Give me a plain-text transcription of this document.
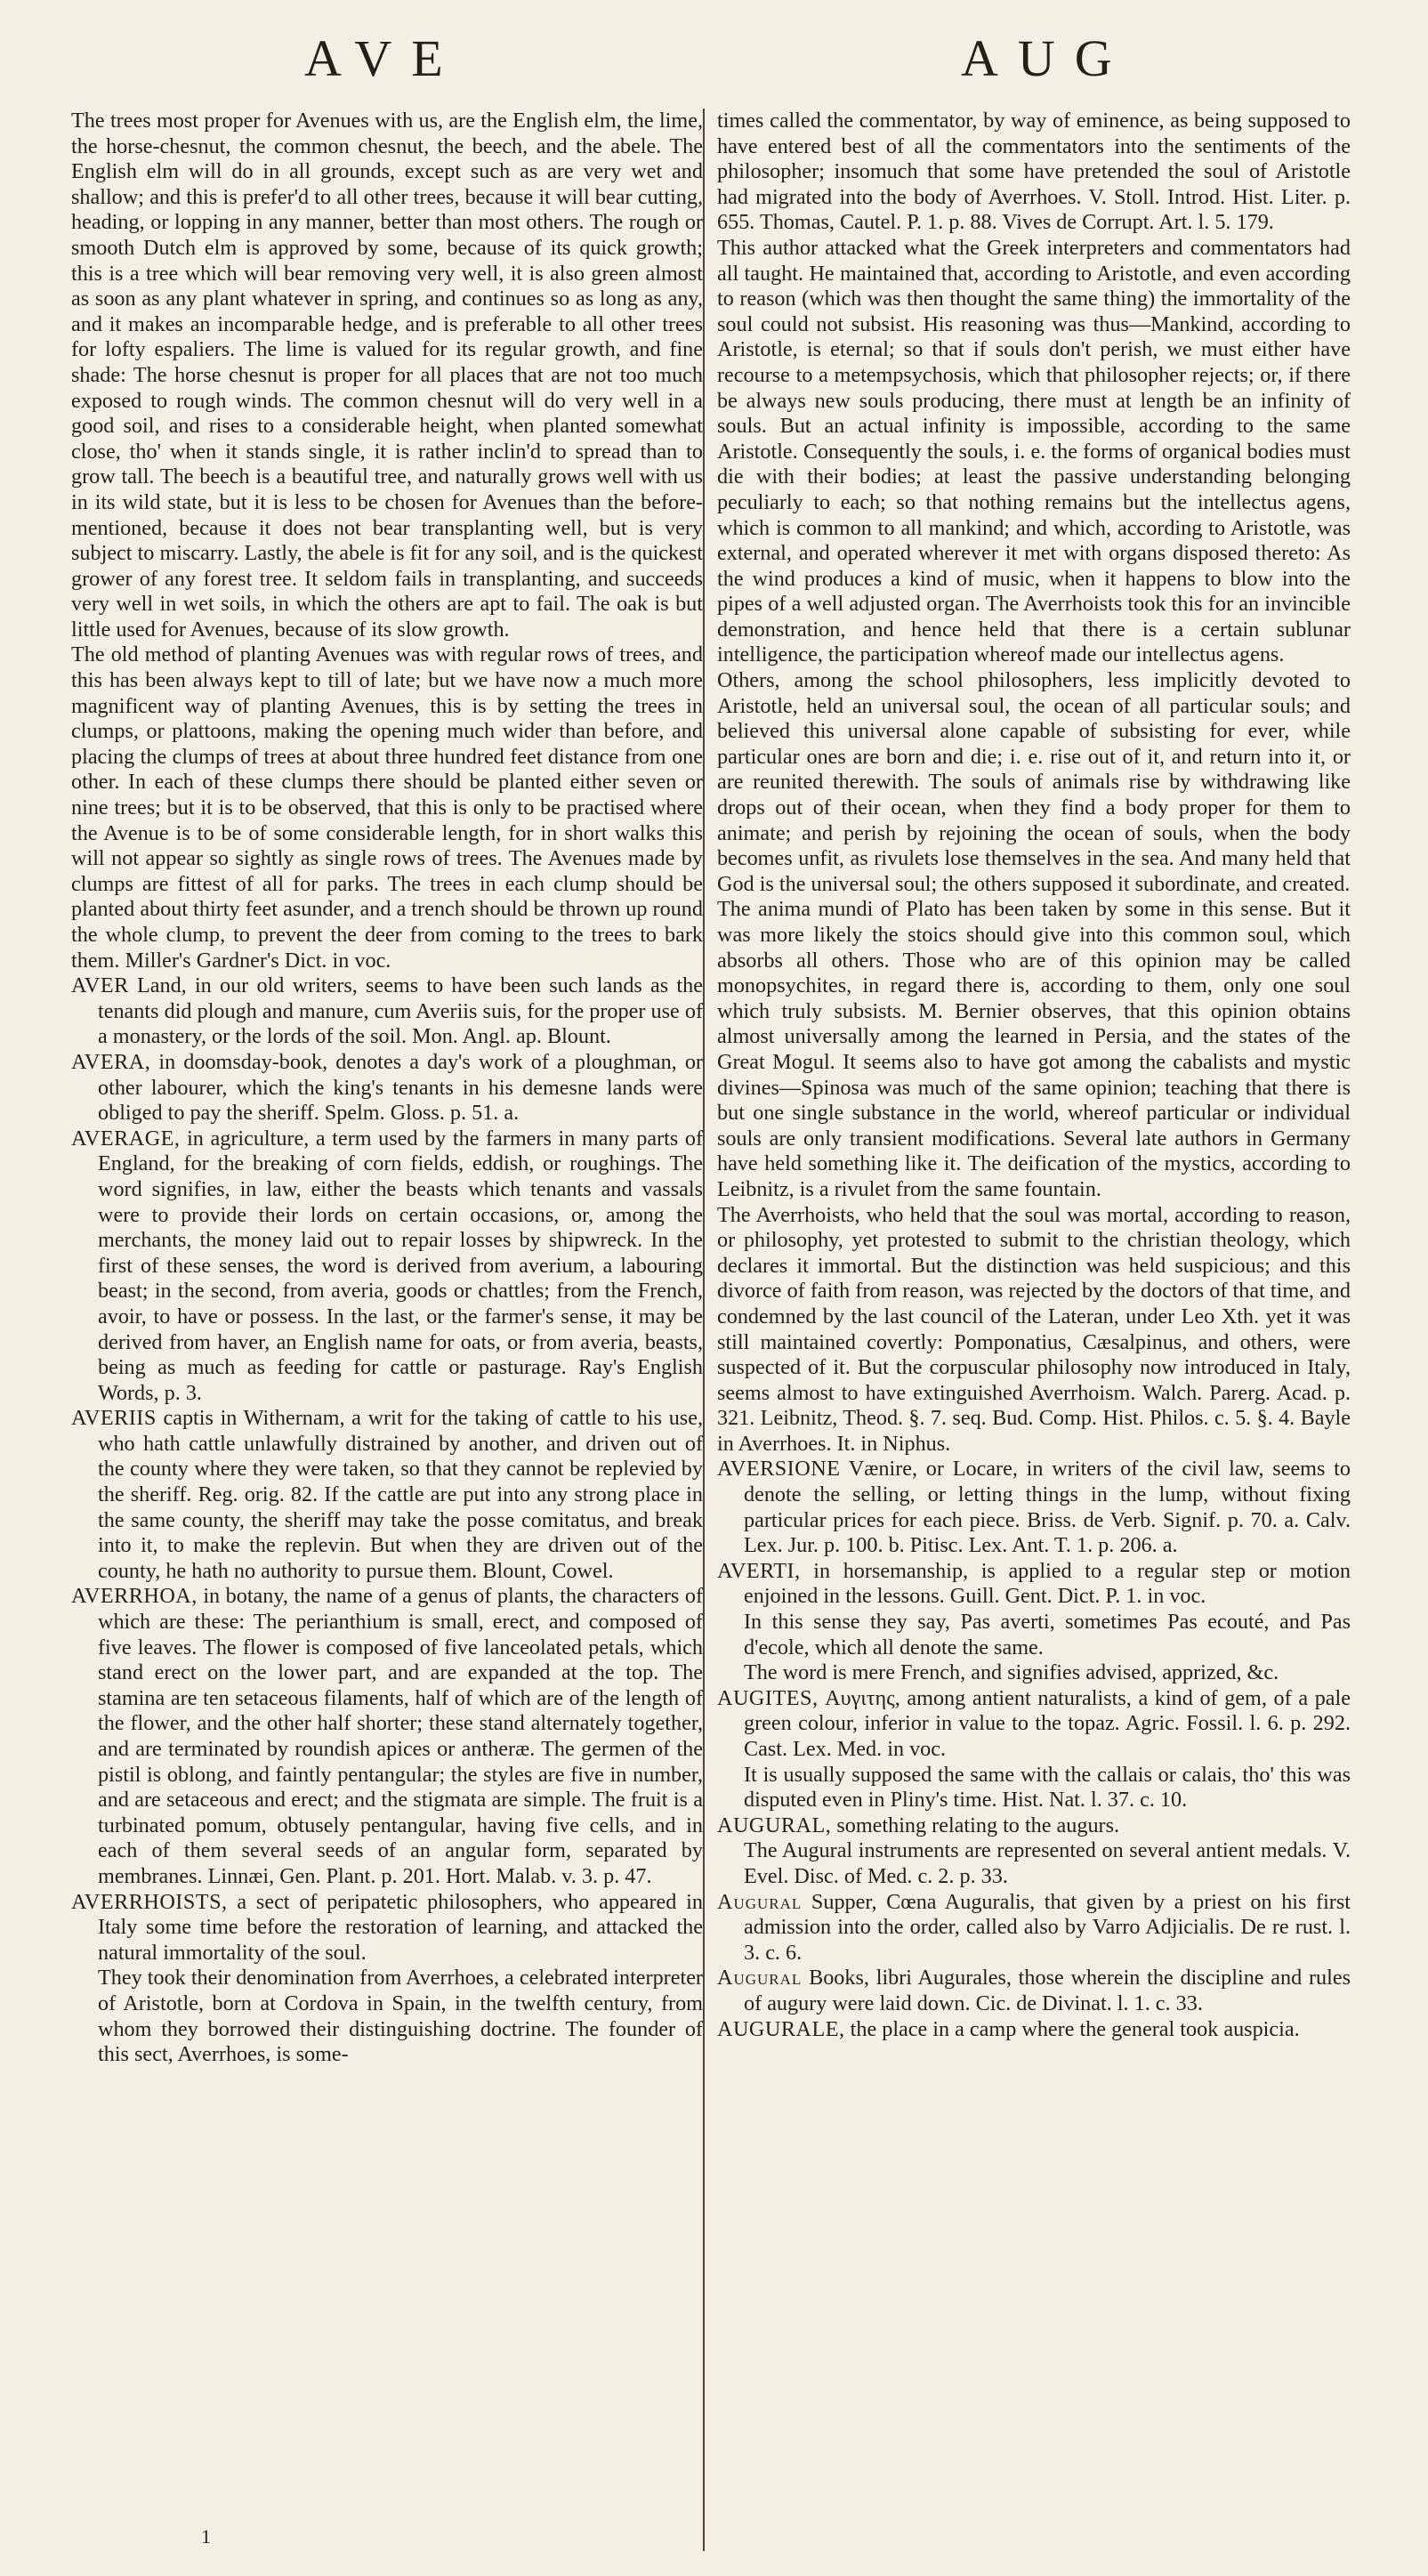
AVE	AUG

The trees most proper for Avenues with us, are the English elm, the lime, the horse-chesnut, the common chesnut, the beech, and the abele. The English elm will do in all grounds, except such as are very wet and shallow; and this is prefer'd to all other trees, because it will bear cutting, heading, or lopping in any manner, better than most others. The rough or smooth Dutch elm is approved by some, because of its quick growth; this is a tree which will bear removing very well, it is also green almost as soon as any plant whatever in spring, and continues so as long as any, and it makes an incomparable hedge, and is preferable to all other trees for lofty espaliers. The lime is valued for its regular growth, and fine shade: The horse chesnut is proper for all places that are not too much exposed to rough winds. The common chesnut will do very well in a good soil, and rises to a considerable height, when planted somewhat close, tho' when it stands single, it is rather inclin'd to spread than to grow tall. The beech is a beautiful tree, and naturally grows well with us in its wild state, but it is less to be chosen for Avenues than the before-mentioned, because it does not bear transplanting well, but is very subject to miscarry. Lastly, the abele is fit for any soil, and is the quickest grower of any forest tree. It seldom fails in transplanting, and succeeds very well in wet soils, in which the others are apt to fail. The oak is but little used for Avenues, because of its slow growth.

The old method of planting Avenues was with regular rows of trees, and this has been always kept to till of late; but we have now a much more magnificent way of planting Avenues, this is by setting the trees in clumps, or plattoons, making the opening much wider than before, and placing the clumps of trees at about three hundred feet distance from one other. In each of these clumps there should be planted either seven or nine trees; but it is to be observed, that this is only to be practised where the Avenue is to be of some considerable length, for in short walks this will not appear so sightly as single rows of trees. The Avenues made by clumps are fittest of all for parks. The trees in each clump should be planted about thirty feet asunder, and a trench should be thrown up round the whole clump, to prevent the deer from coming to the trees to bark them. Miller's Gardner's Dict. in voc.

AVER Land, in our old writers, seems to have been such lands as the tenants did plough and manure, cum Averiis suis, for the proper use of a monastery, or the lords of the soil. Mon. Angl. ap. Blount.

AVERA, in doomsday-book, denotes a day's work of a ploughman, or other labourer, which the king's tenants in his demesne lands were obliged to pay the sheriff. Spelm. Gloss. p. 51. a.

AVERAGE, in agriculture, a term used by the farmers in many parts of England, for the breaking of corn fields, eddish, or roughings. The word signifies, in law, either the beasts which tenants and vassals were to provide their lords on certain occasions, or, among the merchants, the money laid out to repair losses by shipwreck. In the first of these senses, the word is derived from averium, a labouring beast; in the second, from averia, goods or chattles; from the French, avoir, to have or possess. In the last, or the farmer's sense, it may be derived from haver, an English name for oats, or from averia, beasts, being as much as feeding for cattle or pasturage. Ray's English Words, p. 3.

AVERIIS captis in Withernam, a writ for the taking of cattle to his use, who hath cattle unlawfully distrained by another, and driven out of the county where they were taken, so that they cannot be replevied by the sheriff. Reg. orig. 82. If the cattle are put into any strong place in the same county, the sheriff may take the posse comitatus, and break into it, to make the replevin. But when they are driven out of the county, he hath no authority to pursue them. Blount, Cowel.

AVERRHOA, in botany, the name of a genus of plants, the characters of which are these: The perianthium is small, erect, and composed of five leaves. The flower is composed of five lanceolated petals, which stand erect on the lower part, and are expanded at the top. The stamina are ten setaceous filaments, half of which are of the length of the flower, and the other half shorter; these stand alternately together, and are terminated by roundish apices or antheræ. The germen of the pistil is oblong, and faintly pentangular; the styles are five in number, and are setaceous and erect; and the stigmata are simple. The fruit is a turbinated pomum, obtusely pentangular, having five cells, and in each of them several seeds of an angular form, separated by membranes. Linnæi, Gen. Plant. p. 201. Hort. Malab. v. 3. p. 47.

AVERRHOISTS, a sect of peripatetic philosophers, who appeared in Italy some time before the restoration of learning, and attacked the natural immortality of the soul.

They took their denomination from Averrhoes, a celebrated interpreter of Aristotle, born at Cordova in Spain, in the twelfth century, from whom they borrowed their distinguishing doctrine. The founder of this sect, Averrhoes, is some-

times called the commentator, by way of eminence, as being supposed to have entered best of all the commentators into the sentiments of the philosopher; insomuch that some have pretended the soul of Aristotle had migrated into the body of Averrhoes. V. Stoll. Introd. Hist. Liter. p. 655. Thomas, Cautel. P. 1. p. 88. Vives de Corrupt. Art. l. 5. 179.

This author attacked what the Greek interpreters and commentators had all taught. He maintained that, according to Aristotle, and even according to reason (which was then thought the same thing) the immortality of the soul could not subsist. His reasoning was thus—Mankind, according to Aristotle, is eternal; so that if souls don't perish, we must either have recourse to a metempsychosis, which that philosopher rejects; or, if there be always new souls producing, there must at length be an infinity of souls. But an actual infinity is impossible, according to the same Aristotle. Consequently the souls, i. e. the forms of organical bodies must die with their bodies; at least the passive understanding belonging peculiarly to each; so that nothing remains but the intellectus agens, which is common to all mankind; and which, according to Aristotle, was external, and operated wherever it met with organs disposed thereto: As the wind produces a kind of music, when it happens to blow into the pipes of a well adjusted organ. The Averrhoists took this for an invincible demonstration, and hence held that there is a certain sublunar intelligence, the participation whereof made our intellectus agens.

Others, among the school philosophers, less implicitly devoted to Aristotle, held an universal soul, the ocean of all particular souls; and believed this universal alone capable of subsisting for ever, while particular ones are born and die; i. e. rise out of it, and return into it, or are reunited therewith. The souls of animals rise by withdrawing like drops out of their ocean, when they find a body proper for them to animate; and perish by rejoining the ocean of souls, when the body becomes unfit, as rivulets lose themselves in the sea. And many held that God is the universal soul; the others supposed it subordinate, and created.

The anima mundi of Plato has been taken by some in this sense. But it was more likely the stoics should give into this common soul, which absorbs all others. Those who are of this opinion may be called monopsychites, in regard there is, according to them, only one soul which truly subsists. M. Bernier observes, that this opinion obtains almost universally among the learned in Persia, and the states of the Great Mogul. It seems also to have got among the cabalists and mystic divines—Spinosa was much of the same opinion; teaching that there is but one single substance in the world, whereof particular or individual souls are only transient modifications. Several late authors in Germany have held something like it. The deification of the mystics, according to Leibnitz, is a rivulet from the same fountain.

The Averrhoists, who held that the soul was mortal, according to reason, or philosophy, yet protested to submit to the christian theology, which declares it immortal. But the distinction was held suspicious; and this divorce of faith from reason, was rejected by the doctors of that time, and condemned by the last council of the Lateran, under Leo Xth. yet it was still maintained covertly: Pomponatius, Cæsalpinus, and others, were suspected of it. But the corpuscular philosophy now introduced in Italy, seems almost to have extinguished Averrhoism. Walch. Parerg. Acad. p. 321. Leibnitz, Theod. §. 7. seq. Bud. Comp. Hist. Philos. c. 5. §. 4. Bayle in Averrhoes. It. in Niphus.

AVERSIONE Vænire, or Locare, in writers of the civil law, seems to denote the selling, or letting things in the lump, without fixing particular prices for each piece. Briss. de Verb. Signif. p. 70. a. Calv. Lex. Jur. p. 100. b. Pitisc. Lex. Ant. T. 1. p. 206. a.

AVERTI, in horsemanship, is applied to a regular step or motion enjoined in the lessons. Guill. Gent. Dict. P. 1. in voc.

In this sense they say, Pas averti, sometimes Pas ecouté, and Pas d'ecole, which all denote the same.

The word is mere French, and signifies advised, apprized, &c.

AUGITES, Αυγιτης, among antient naturalists, a kind of gem, of a pale green colour, inferior in value to the topaz. Agric. Fossil. l. 6. p. 292. Cast. Lex. Med. in voc.

It is usually supposed the same with the callais or calais, tho' this was disputed even in Pliny's time. Hist. Nat. l. 37. c. 10.

AUGURAL, something relating to the augurs.

The Augural instruments are represented on several antient medals. V. Evel. Disc. of Med. c. 2. p. 33.

Augural Supper, Cœna Auguralis, that given by a priest on his first admission into the order, called also by Varro Adjicialis. De re rust. l. 3. c. 6.

Augural Books, libri Augurales, those wherein the discipline and rules of augury were laid down. Cic. de Divinat. l. 1. c. 33.

AUGURALE, the place in a camp where the general took auspicia.

1
